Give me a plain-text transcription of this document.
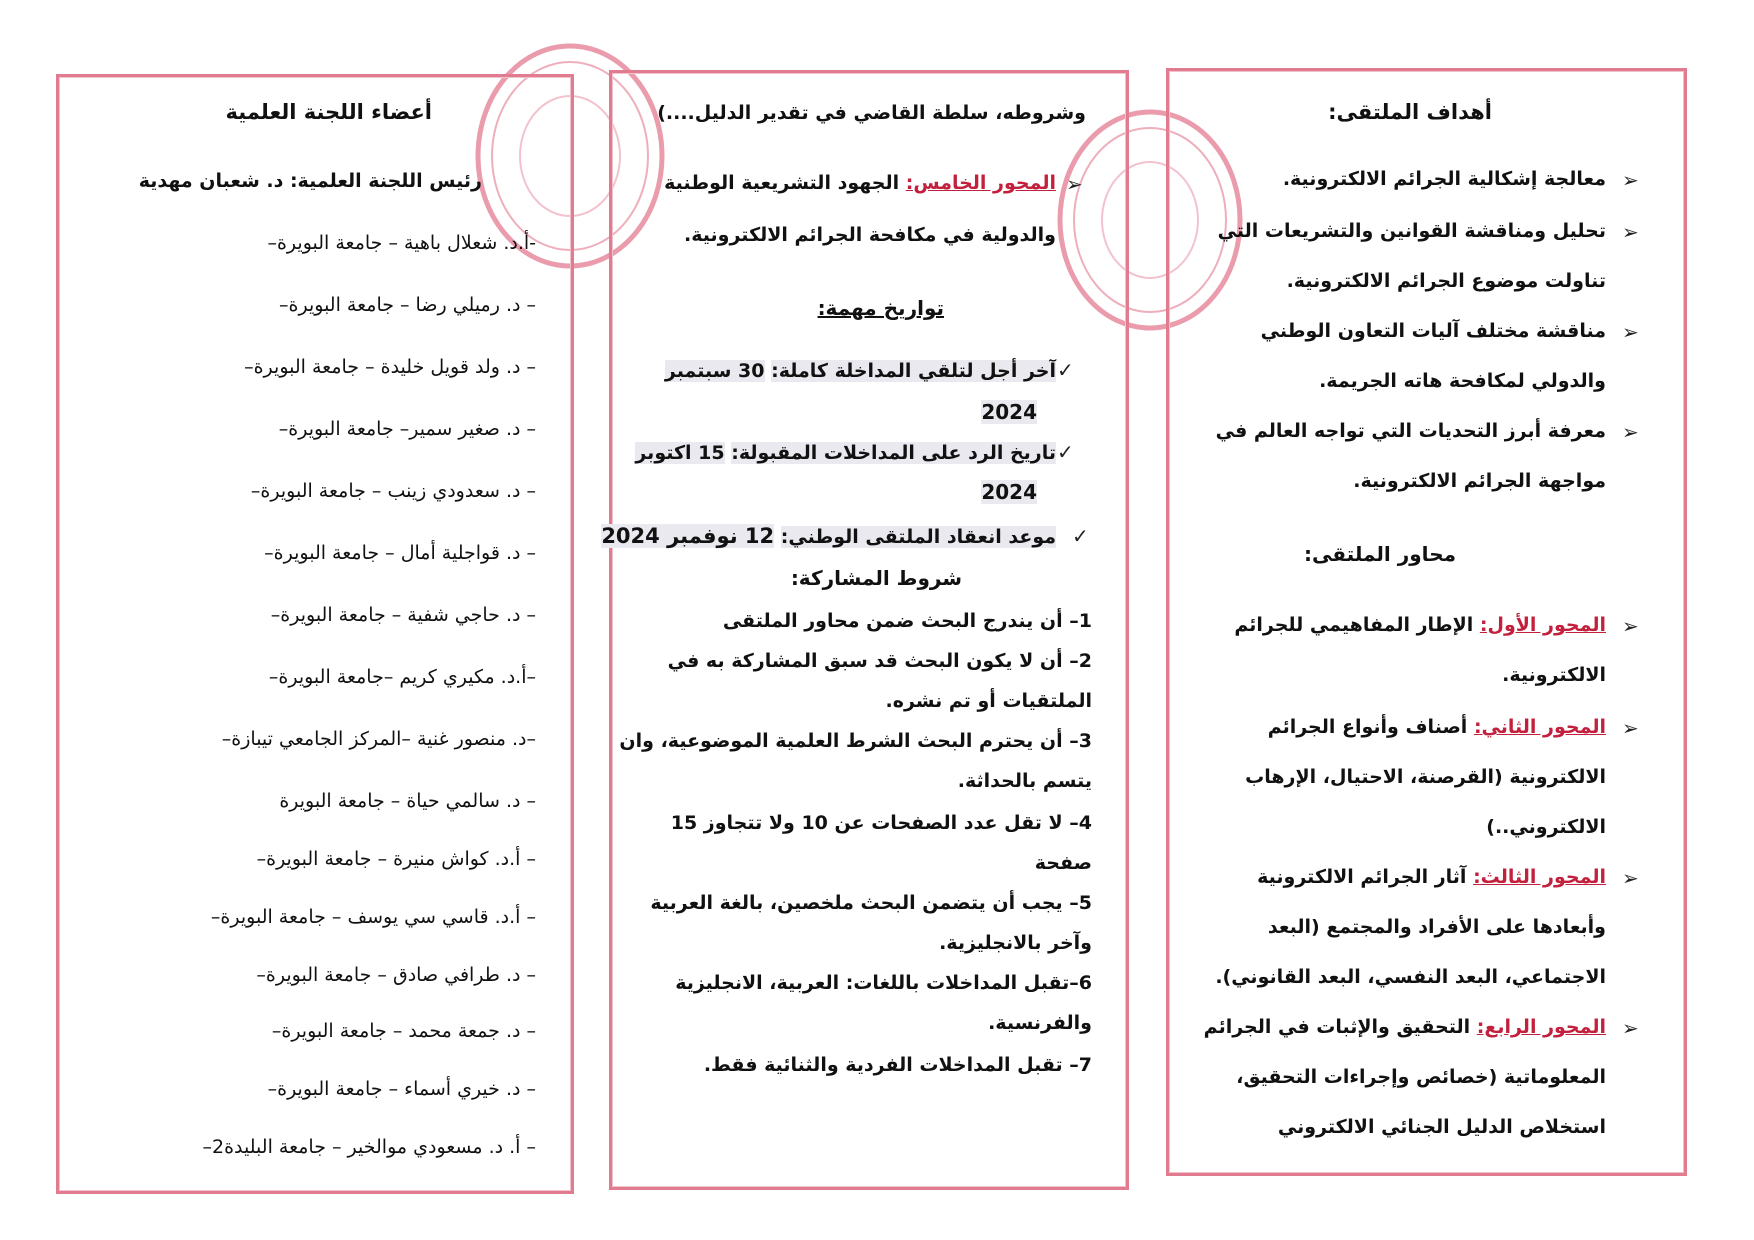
أعضاء اللجنة العلمية
رئيس اللجنة العلمية: د. شعبان مهدية
-أ.د. شعلال باهية – جامعة البويرة–
– د. رميلي رضا – جامعة البويرة–
– د. ولد قويل خليدة – جامعة البويرة–
– د. صغير سمير– جامعة البويرة–
– د. سعدودي زينب – جامعة البويرة–
– د. قواجلية أمال – جامعة البويرة–
– د. حاجي شفية – جامعة البويرة–
–أ.د. مكيري كريم –جامعة البويرة–
–د. منصور غنية –المركز الجامعي تيبازة–
– د. سالمي حياة – جامعة البويرة
– أ.د. كواش منيرة – جامعة البويرة–
– أ.د. قاسي سي يوسف – جامعة البويرة–
– د. طرافي صادق – جامعة البويرة–
– د. جمعة محمد – جامعة البويرة–
– د. خيري أسماء – جامعة البويرة–
– أ. د. مسعودي موالخير – جامعة البليدة2–
وشروطه، سلطة القاضي في تقدير الدليل....)
➢
المحور الخامس: الجهود التشريعية الوطنية
والدولية في مكافحة الجرائم الالكترونية.
تواريخ مهمة:
✓
آخر أجل لتلقي المداخلة كاملة: 30 سبتمبر
2024
✓
تاريخ الرد على المداخلات المقبولة: 15 اكتوبر
2024
✓
موعد انعقاد الملتقى الوطني: 12 نوفمبر 2024
شروط المشاركة:
1– أن يندرج البحث ضمن محاور الملتقى
2– أن لا يكون البحث قد سبق المشاركة به في
الملتقيات أو تم نشره.
3– أن يحترم البحث الشرط العلمية الموضوعية، وان
يتسم بالحداثة.
4– لا تقل عدد الصفحات عن 10 ولا تتجاوز 15
صفحة
5– يجب أن يتضمن البحث ملخصين، بالغة العربية
وآخر بالانجليزية.
6–تقبل المداخلات باللغات: العربية، الانجليزية
والفرنسية.
7– تقبل المداخلات الفردية والثنائية فقط.
أهداف الملتقى:
➢
معالجة إشكالية الجرائم الالكترونية.
➢
تحليل ومناقشة القوانين والتشريعات التي
تناولت موضوع الجرائم الالكترونية.
➢
مناقشة مختلف آليات التعاون الوطني
والدولي لمكافحة هاته الجريمة.
➢
معرفة أبرز التحديات التي تواجه العالم في
مواجهة الجرائم الالكترونية.
محاور الملتقى:
➢
المحور الأول: الإطار المفاهيمي للجرائم
الالكترونية.
➢
المحور الثاني: أصناف وأنواع الجرائم
الالكترونية (القرصنة، الاحتيال، الإرهاب
الالكتروني..)
➢
المحور الثالث: آثار الجرائم الالكترونية
وأبعادها على الأفراد والمجتمع (البعد
الاجتماعي، البعد النفسي، البعد القانوني).
➢
المحور الرابع: التحقيق والإثبات في الجرائم
المعلوماتية (خصائص وإجراءات التحقيق،
استخلاص الدليل الجنائي الالكتروني
